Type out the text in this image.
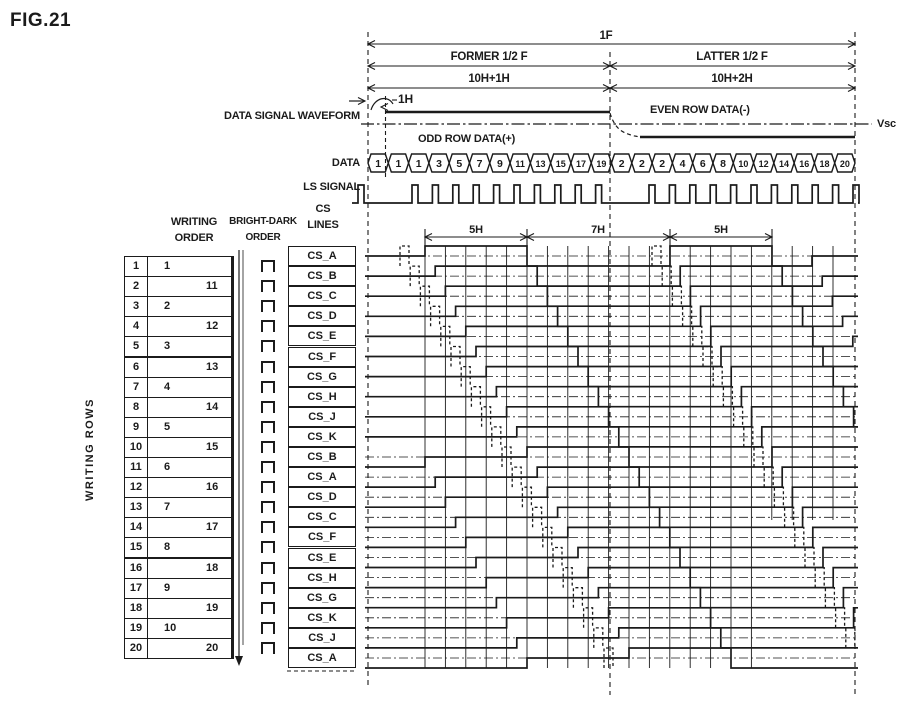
1 1 1 3 5 7 9 11 13 15 17 19 2 2 2 4 6 8 10 12 14 16 18 20
FIG.21
1F
FORMER 1/2 F	LATTER 1/2 F
10H+1H	10H+2H
1H
DATA SIGNAL WAVEFORM
DATA
LS SIGNAL
ODD ROW DATA(+)
EVEN ROW DATA(-)
Vsc
5H	7H	5H
WRITING
ORDER
BRIGHT-DARK
ORDER
CS
LINES
WRITING ROWS
1	1
2	11
3	2
4	12
5	3
6	13
7	4
8	14
9	5
10	15
11	6
12	16
13	7
14	17
15	8
16	18
17	9
18	19
19	10
20	20
CS_A
CS_B
CS_C
CS_D
CS_E
CS_F
CS_G
CS_H
CS_J
CS_K
CS_B
CS_A
CS_D
CS_C
CS_F
CS_E
CS_H
CS_G
CS_K
CS_J
CS_A
